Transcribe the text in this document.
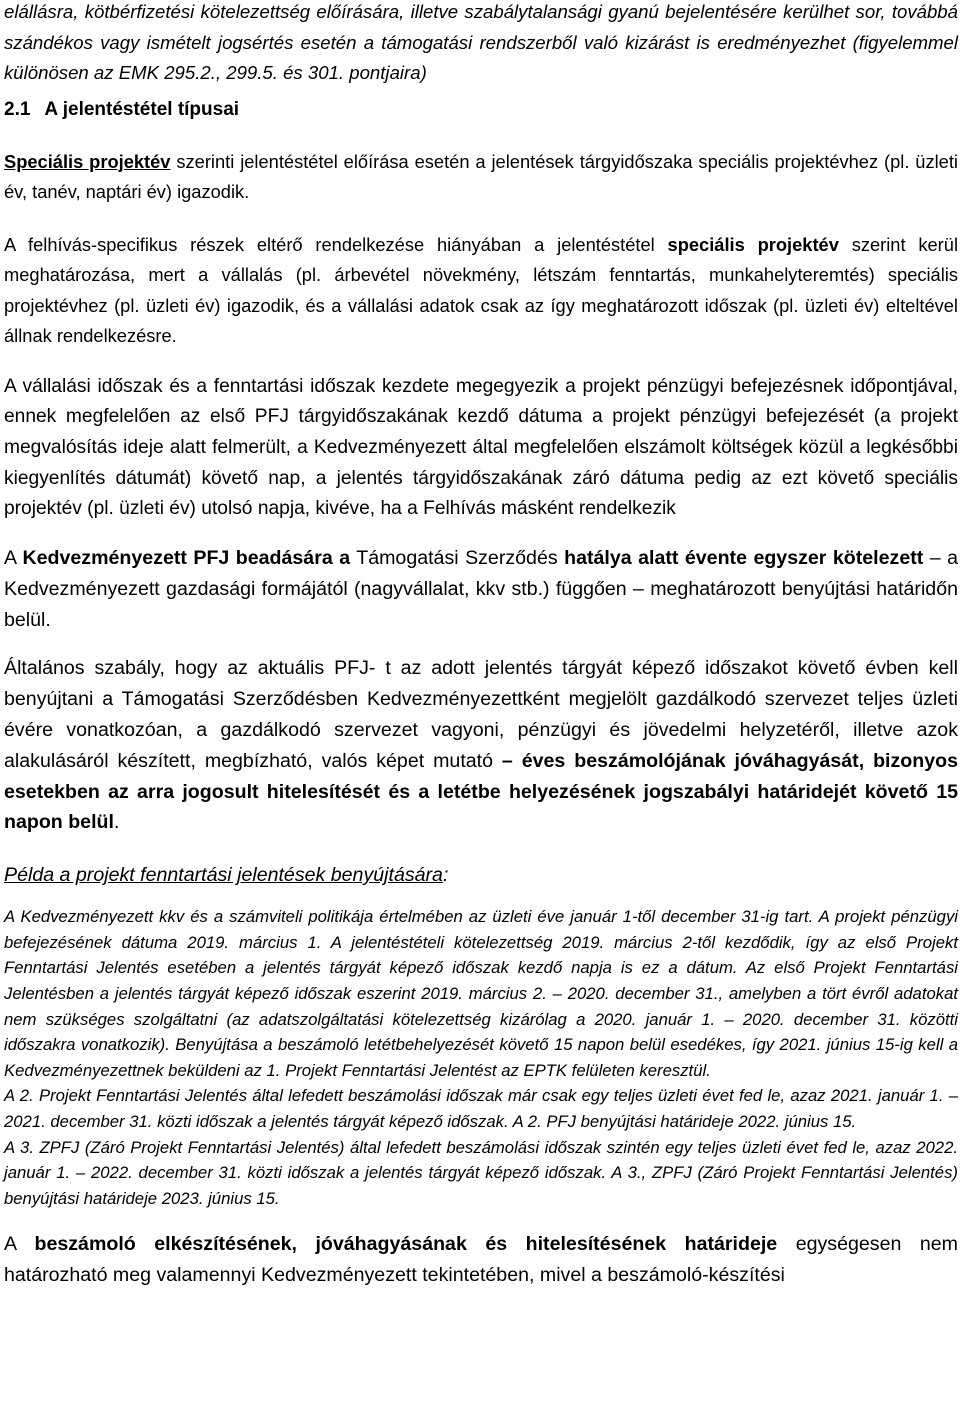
elállásra, kötbérfizetési kötelezettség előírására, illetve szabálytalansági gyanú bejelentésére kerülhet sor, továbbá szándékos vagy ismételt jogsértés esetén a támogatási rendszerből való kizárást is eredményezhet (figyelemmel különösen az EMK 295.2., 299.5. és 301. pontjaira)

2.1 A jelentéstétel típusai

Speciális projektév szerinti jelentéstétel előírása esetén a jelentések tárgyidőszaka speciális projektévhez (pl. üzleti év, tanév, naptári év) igazodik.

A felhívás-specifikus részek eltérő rendelkezése hiányában a jelentéstétel speciális projektév szerint kerül meghatározása, mert a vállalás (pl. árbevétel növekmény, létszám fenntartás, munkahelyteremtés) speciális projektévhez (pl. üzleti év) igazodik, és a vállalási adatok csak az így meghatározott időszak (pl. üzleti év) elteltével állnak rendelkezésre.

A vállalási időszak és a fenntartási időszak kezdete megegyezik a projekt pénzügyi befejezésnek időpontjával, ennek megfelelően az első PFJ tárgyidőszakának kezdő dátuma a projekt pénzügyi befejezését (a projekt megvalósítás ideje alatt felmerült, a Kedvezményezett által megfelelően elszámolt költségek közül a legkésőbbi kiegyenlítés dátumát) követő nap, a jelentés tárgyidőszakának záró dátuma pedig az ezt követő speciális projektév (pl. üzleti év) utolsó napja, kivéve, ha a Felhívás másként rendelkezik

A Kedvezményezett PFJ beadására a Támogatási Szerződés hatálya alatt évente egyszer kötelezett – a Kedvezményezett gazdasági formájától (nagyvállalat, kkv stb.) függően – meghatározott benyújtási határidőn belül.

Általános szabály, hogy az aktuális PFJ- t az adott jelentés tárgyát képező időszakot követő évben kell benyújtani a Támogatási Szerződésben Kedvezményezettként megjelölt gazdálkodó szervezet teljes üzleti évére vonatkozóan, a gazdálkodó szervezet vagyoni, pénzügyi és jövedelmi helyzetéről, illetve azok alakulásáról készített, megbízható, valós képet mutató – éves beszámolójának jóváhagyását, bizonyos esetekben az arra jogosult hitelesítését és a letétbe helyezésének jogszabályi határidejét követő 15 napon belül.

Példa a projekt fenntartási jelentések benyújtására:

A Kedvezményezett kkv és a számviteli politikája értelmében az üzleti éve január 1-től december 31-ig tart. A projekt pénzügyi befejezésének dátuma 2019. március 1. A jelentéstételi kötelezettség 2019. március 2-től kezdődik, így az első Projekt Fenntartási Jelentés esetében a jelentés tárgyát képező időszak kezdő napja is ez a dátum. Az első Projekt Fenntartási Jelentésben a jelentés tárgyát képező időszak eszerint 2019. március 2. – 2020. december 31., amelyben a tört évről adatokat nem szükséges szolgáltatni (az adatszolgáltatási kötelezettség kizárólag a 2020. január 1. – 2020. december 31. közötti időszakra vonatkozik). Benyújtása a beszámoló letétbehelyezését követő 15 napon belül esedékes, így 2021. június 15-ig kell a Kedvezményezettnek beküldeni az 1. Projekt Fenntartási Jelentést az EPTK felületen keresztül.

A 2. Projekt Fenntartási Jelentés által lefedett beszámolási időszak már csak egy teljes üzleti évet fed le, azaz 2021. január 1. – 2021. december 31. közti időszak a jelentés tárgyát képező időszak. A 2. PFJ benyújtási határideje 2022. június 15.

A 3. ZPFJ (Záró Projekt Fenntartási Jelentés) által lefedett beszámolási időszak szintén egy teljes üzleti évet fed le, azaz 2022. január 1. – 2022. december 31. közti időszak a jelentés tárgyát képező időszak. A 3., ZPFJ (Záró Projekt Fenntartási Jelentés) benyújtási határideje 2023. június 15.

A beszámoló elkészítésének, jóváhagyásának és hitelesítésének határideje egységesen nem határozható meg valamennyi Kedvezményezett tekintetében, mivel a beszámoló-készítési
